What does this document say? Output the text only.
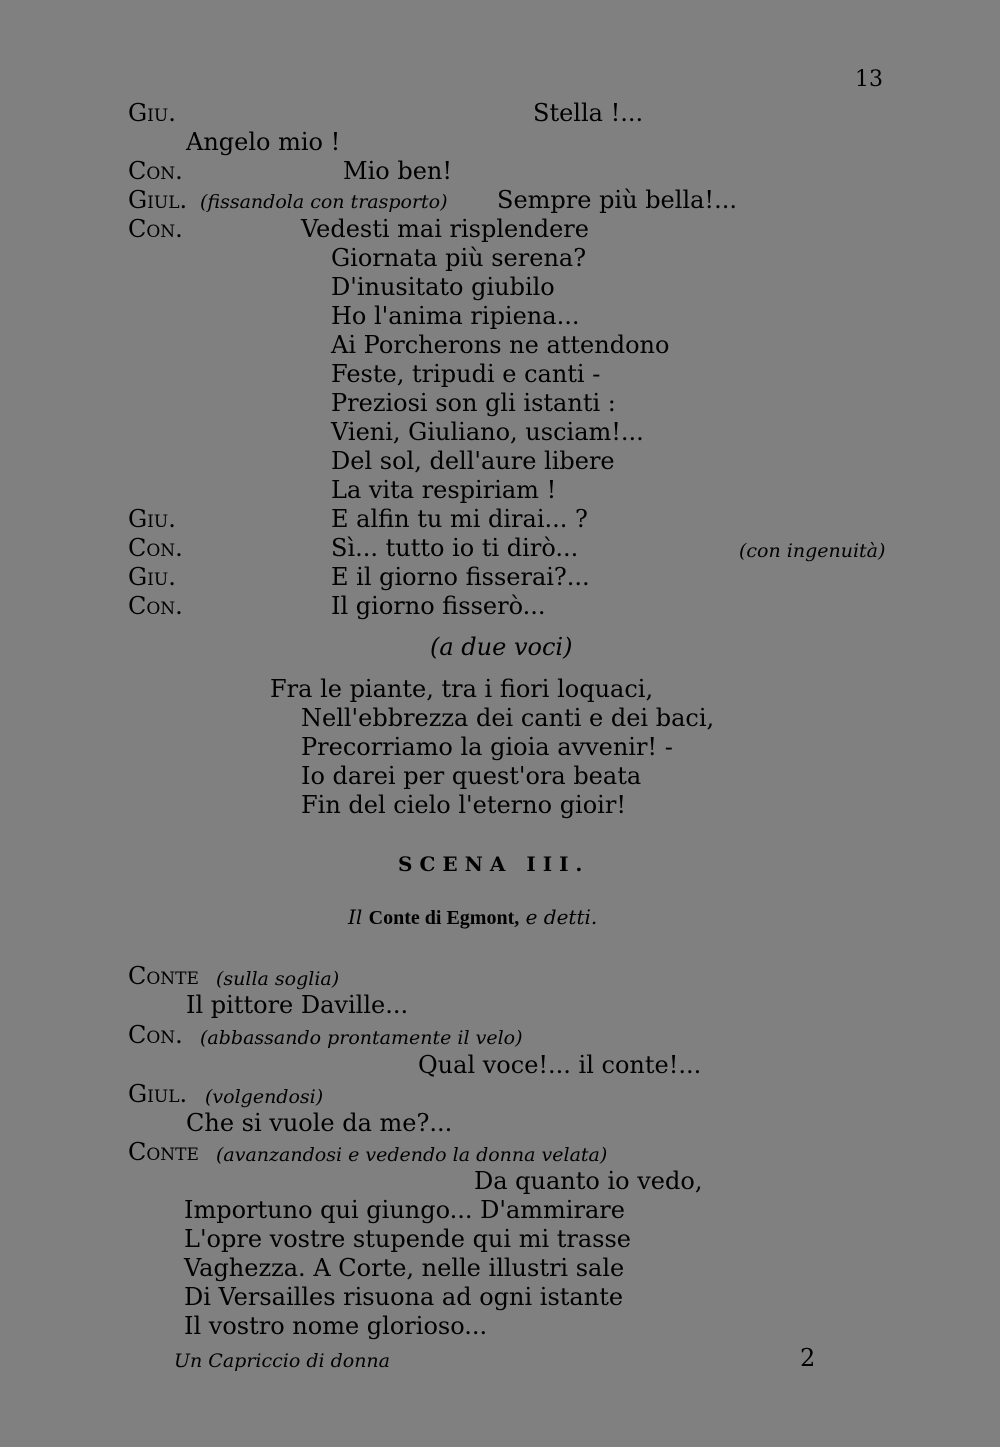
13
Giu.	Stella !...
Angelo mio !
Con.	Mio ben!
Giul. (fissandola con trasporto) Sempre più bella!...
Con.	Vedesti mai risplendere
Giornata più serena?
D'inusitato giubilo
Ho l'anima ripiena...
Ai Porcherons ne attendono
Feste, tripudi e canti -
Preziosi son gli istanti :
Vieni, Giuliano, usciam!...
Del sol, dell'aure libere
La vita respiriam !
Giu.	E alfin tu mi dirai... ?
Con.	Sì... tutto io ti dirò...	(con ingenuità)
Giu.	E il giorno fisserai?...
Con.	Il giorno fisserò...
(a due voci)
Fra le piante, tra i fiori loquaci,
Nell'ebbrezza dei canti e dei baci,
Precorriamo la gioia avvenir! -
Io darei per quest'ora beata
Fin del cielo l'eterno gioir!
SCENA III.
Il Conte di Egmont, e detti.
Conte (sulla soglia)
Il pittore Daville...
Con. (abbassando prontamente il velo)
Qual voce!... il conte!...
Giul. (volgendosi)
Che si vuole da me?...
Conte (avanzandosi e vedendo la donna velata)
Da quanto io vedo,
Importuno qui giungo... D'ammirare
L'opre vostre stupende qui mi trasse
Vaghezza. A Corte, nelle illustri sale
Di Versailles risuona ad ogni istante
Il vostro nome glorioso...
Un Capriccio di donna	2
